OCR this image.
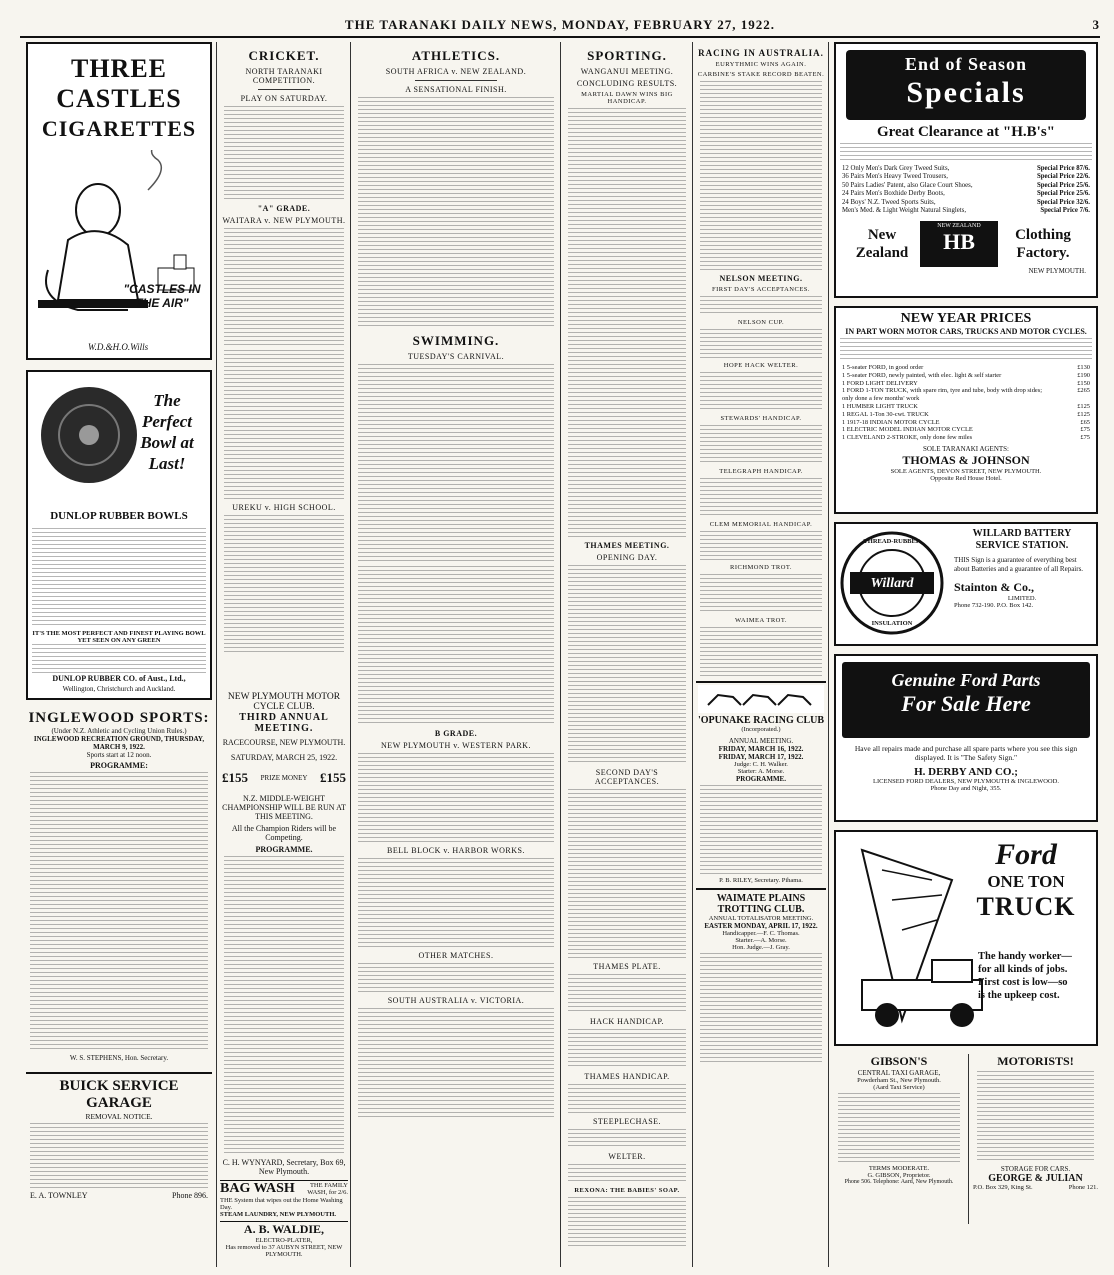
THE TARANAKI DAILY NEWS, MONDAY, FEBRUARY 27, 1922.	3
THREE CASTLES
CIGARETTES
"CASTLES IN THE AIR"
W.D.&H.O.Wills
The Perfect Bowl at Last!
DUNLOP RUBBER BOWLS
IT'S THE MOST PERFECT AND FINEST PLAYING BOWL YET SEEN ON ANY GREEN
DUNLOP RUBBER CO. of Aust., Ltd.,
Wellington, Christchurch and Auckland.
INGLEWOOD SPORTS:
(Under N.Z. Athletic and Cycling Union Rules.)
INGLEWOOD RECREATION GROUND, THURSDAY, MARCH 9, 1922.
Sports start at 12 noon.
PROGRAMME:
W. S. STEPHENS, Hon. Secretary.
BUICK SERVICE GARAGE
REMOVAL NOTICE.
E. A. TOWNLEY	Phone 896.
CRICKET.
NORTH TARANAKI COMPETITION.
PLAY ON SATURDAY.
"A" GRADE.
WAITARA v. NEW PLYMOUTH.
UREKU v. HIGH SCHOOL.
NEW PLYMOUTH MOTOR CYCLE CLUB.
THIRD ANNUAL MEETING.
RACECOURSE, NEW PLYMOUTH.
SATURDAY, MARCH 25, 1922.
£155 PRIZE MONEY £155
N.Z. MIDDLE-WEIGHT CHAMPIONSHIP WILL BE RUN AT THIS MEETING.
All the Champion Riders will be Competing.
PROGRAMME.
C. H. WYNYARD, Secretary, Box 69, New Plymouth.
BAG WASH	THE FAMILY WASH, for 2/6.
THE System that wipes out the Home Washing Day.
STEAM LAUNDRY, NEW PLYMOUTH.
A. B. WALDIE,
ELECTRO-PLATER,
Has removed to 37 AUBYN STREET, NEW PLYMOUTH.
ATHLETICS.
SOUTH AFRICA v. NEW ZEALAND.
A SENSATIONAL FINISH.
SWIMMING.
TUESDAY'S CARNIVAL.
B GRADE.
NEW PLYMOUTH v. WESTERN PARK.
BELL BLOCK v. HARBOR WORKS.
OTHER MATCHES.
SOUTH AUSTRALIA v. VICTORIA.
SPORTING.
WANGANUI MEETING.
CONCLUDING RESULTS.
MARTIAL DAWN WINS BIG HANDICAP.
THAMES MEETING.
OPENING DAY.
SECOND DAY'S ACCEPTANCES.
THAMES PLATE.
HACK HANDICAP.
THAMES HANDICAP.
STEEPLECHASE.
WELTER.
REXONA: THE BABIES' SOAP.
RACING IN AUSTRALIA.
EURYTHMIC WINS AGAIN.
CARBINE'S STAKE RECORD BEATEN.
NELSON MEETING.
FIRST DAY'S ACCEPTANCES.
NELSON CUP.
HOPE HACK WELTER.
STEWARDS' HANDICAP.
TELEGRAPH HANDICAP.
CLEM MEMORIAL HANDICAP.
RICHMOND TROT.
WAIMEA TROT.
'OPUNAKE RACING CLUB
(Incorporated.)
ANNUAL MEETING.
FRIDAY, MARCH 16, 1922.
FRIDAY, MARCH 17, 1922.
Judge: C. H. Walker.
Starter: A. Morse.
PROGRAMME.
P. B. RILEY, Secretary. Pihama.
WAIMATE PLAINS TROTTING CLUB.
ANNUAL TOTALISATOR MEETING.
EASTER MONDAY, APRIL 17, 1922.
Handicapper.—F. C. Thomas.
Starter.—A. Morse.
Hon. Judge.—J. Gray.
End of Season
Specials
Great Clearance at "H.B's"
12 Only Men's Dark Grey Tweed Suits,	Special Price 87/6.
36 Pairs Men's Heavy Tweed Trousers,	Special Price 22/6.
50 Pairs Ladies' Patent, also Glace Court Shoes,	Special Price 25/6.
24 Pairs Men's Boxhide Derby Boots,	Special Price 25/6.
24 Boys' N.Z. Tweed Sports Suits,	Special Price 32/6.
Men's Med. & Light Weight Natural Singlets,	Special Price 7/6.
New Zealand
NEW ZEALAND
HB	Clothing Factory.
NEW PLYMOUTH.
NEW YEAR PRICES
IN PART WORN MOTOR CARS, TRUCKS AND MOTOR CYCLES.
1 5-seater FORD, in good order	£130
1 5-seater FORD, newly painted, with elec. light & self starter	£190
1 FORD LIGHT DELIVERY	£150
1 FORD 1-TON TRUCK, with spare rim, tyre and tube, body with drop sides; only done a few months' work
£265
1 HUMBER LIGHT TRUCK	£125
1 REGAL 1-Ton 30-cwt. TRUCK	£125
1 1917-18 INDIAN MOTOR CYCLE	£65
1 ELECTRIC MODEL INDIAN MOTOR CYCLE	£75
1 CLEVELAND 2-STROKE, only done few miles	£75
SOLE TARANAKI AGENTS:
THOMAS & JOHNSON
SOLE AGENTS, DEVON STREET, NEW PLYMOUTH.
Opposite Red House Hotel.
Willard
THREAD-RUBBER
INSULATION
WILLARD BATTERY SERVICE STATION.
THIS Sign is a guarantee of everything best about Batteries and a guarantee of all Repairs.
Stainton & Co.,
LIMITED.
Phone 732-190. P.O. Box 142.
Genuine Ford Parts
For Sale Here
Have all repairs made and purchase all spare parts where you see this sign displayed. It is "The Safety Sign."
H. DERBY AND CO.;
LICENSED FORD DEALERS, NEW PLYMOUTH & INGLEWOOD.
Phone Day and Night, 355.
Ford
ONE TON
TRUCK
The handy worker—
for all kinds of jobs.
First cost is low—so
is the upkeep cost.
GIBSON'S
CENTRAL TAXI GARAGE,
Powderham St., New Plymouth.
(Aard Taxi Service)
TERMS MODERATE.
G. GIBSON, Proprietor.
Phone 506. Telephone: Aard, New Plymouth.
MOTORISTS!
STORAGE FOR CARS.
GEORGE & JULIAN
P.O. Box 329, King St.	Phone 121.
